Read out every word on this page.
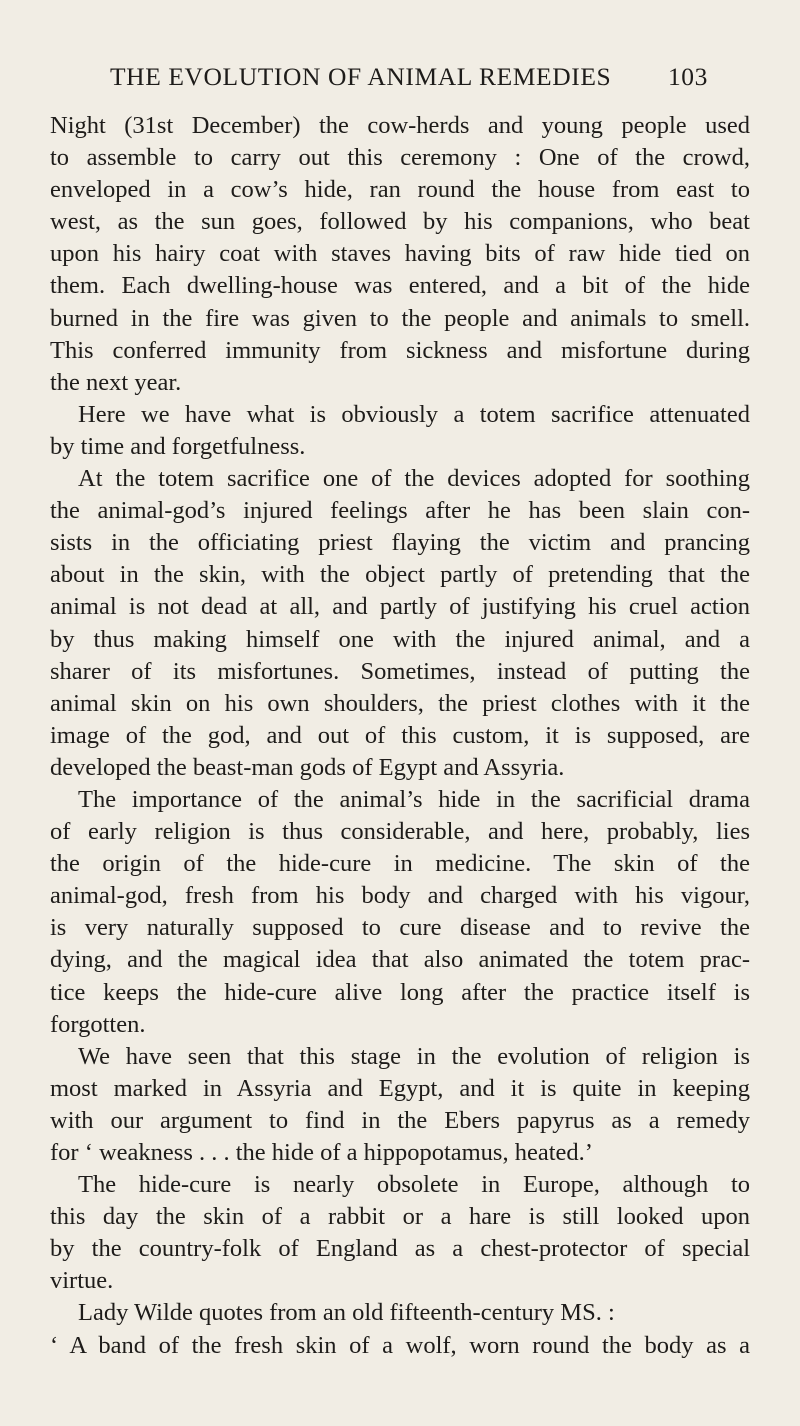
THE EVOLUTION OF ANIMAL REMEDIES 103
Night (31st December) the cow-herds and young people used
to assemble to carry out this ceremony : One of the crowd,
enveloped in a cow’s hide, ran round the house from east to
west, as the sun goes, followed by his companions, who beat
upon his hairy coat with staves having bits of raw hide tied on
them. Each dwelling-house was entered, and a bit of the hide
burned in the fire was given to the people and animals to smell.
This conferred immunity from sickness and misfortune during
the next year.
Here we have what is obviously a totem sacrifice attenuated
by time and forgetfulness.
At the totem sacrifice one of the devices adopted for soothing
the animal-god’s injured feelings after he has been slain con-
sists in the officiating priest flaying the victim and prancing
about in the skin, with the object partly of pretending that the
animal is not dead at all, and partly of justifying his cruel action
by thus making himself one with the injured animal, and a
sharer of its misfortunes. Sometimes, instead of putting the
animal skin on his own shoulders, the priest clothes with it the
image of the god, and out of this custom, it is supposed, are
developed the beast-man gods of Egypt and Assyria.
The importance of the animal’s hide in the sacrificial drama
of early religion is thus considerable, and here, probably, lies
the origin of the hide-cure in medicine. The skin of the
animal-god, fresh from his body and charged with his vigour,
is very naturally supposed to cure disease and to revive the
dying, and the magical idea that also animated the totem prac-
tice keeps the hide-cure alive long after the practice itself is
forgotten.
We have seen that this stage in the evolution of religion is
most marked in Assyria and Egypt, and it is quite in keeping
with our argument to find in the Ebers papyrus as a remedy
for ‘ weakness . . . the hide of a hippopotamus, heated.’
The hide-cure is nearly obsolete in Europe, although to
this day the skin of a rabbit or a hare is still looked upon
by the country-folk of England as a chest-protector of special
virtue.
Lady Wilde quotes from an old fifteenth-century MS. :
‘ A band of the fresh skin of a wolf, worn round the body as a
